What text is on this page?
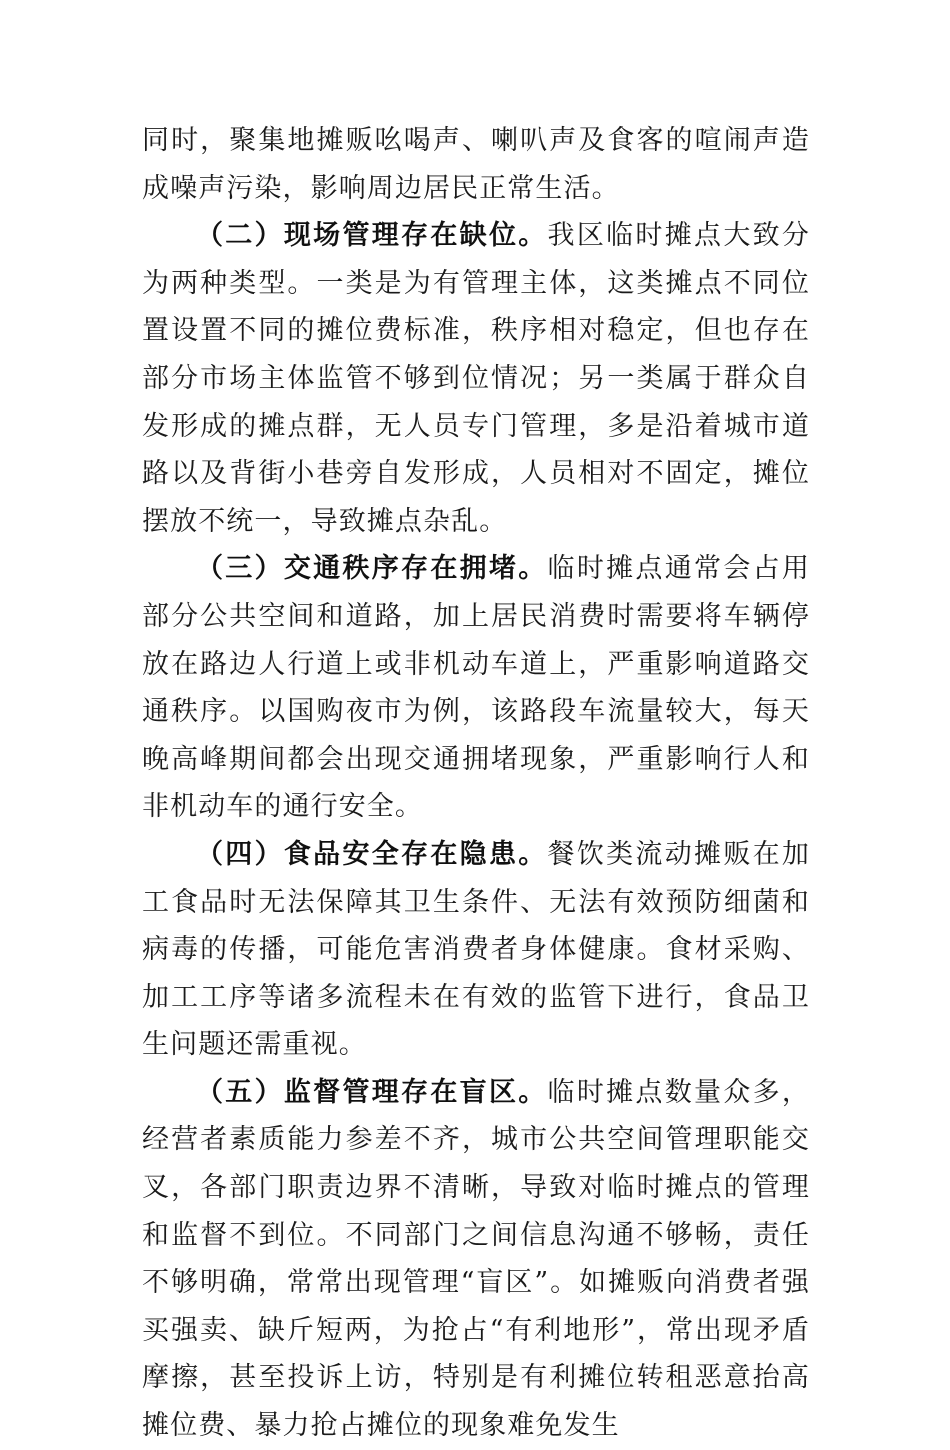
同时，聚集地摊贩吆喝声、喇叭声及食客的喧闹声造成噪声污染，影响周边居民正常生活。

（二）现场管理存在缺位。我区临时摊点大致分为两种类型。一类是为有管理主体，这类摊点不同位置设置不同的摊位费标准，秩序相对稳定，但也存在部分市场主体监管不够到位情况；另一类属于群众自发形成的摊点群，无人员专门管理，多是沿着城市道路以及背街小巷旁自发形成，人员相对不固定，摊位摆放不统一，导致摊点杂乱。

（三）交通秩序存在拥堵。临时摊点通常会占用部分公共空间和道路，加上居民消费时需要将车辆停放在路边人行道上或非机动车道上，严重影响道路交通秩序。以国购夜市为例，该路段车流量较大，每天晚高峰期间都会出现交通拥堵现象，严重影响行人和非机动车的通行安全。

（四）食品安全存在隐患。餐饮类流动摊贩在加工食品时无法保障其卫生条件、无法有效预防细菌和病毒的传播，可能危害消费者身体健康。食材采购、加工工序等诸多流程未在有效的监管下进行，食品卫生问题还需重视。

（五）监督管理存在盲区。临时摊点数量众多，经营者素质能力参差不齐，城市公共空间管理职能交叉，各部门职责边界不清晰，导致对临时摊点的管理和监督不到位。不同部门之间信息沟通不够畅，责任不够明确，常常出现管理“盲区”。如摊贩向消费者强买强卖、缺斤短两，为抢占“有利地形”，常出现矛盾摩擦，甚至投诉上访，特别是有利摊位转租恶意抬高摊位费、暴力抢占摊位的现象难免发生
